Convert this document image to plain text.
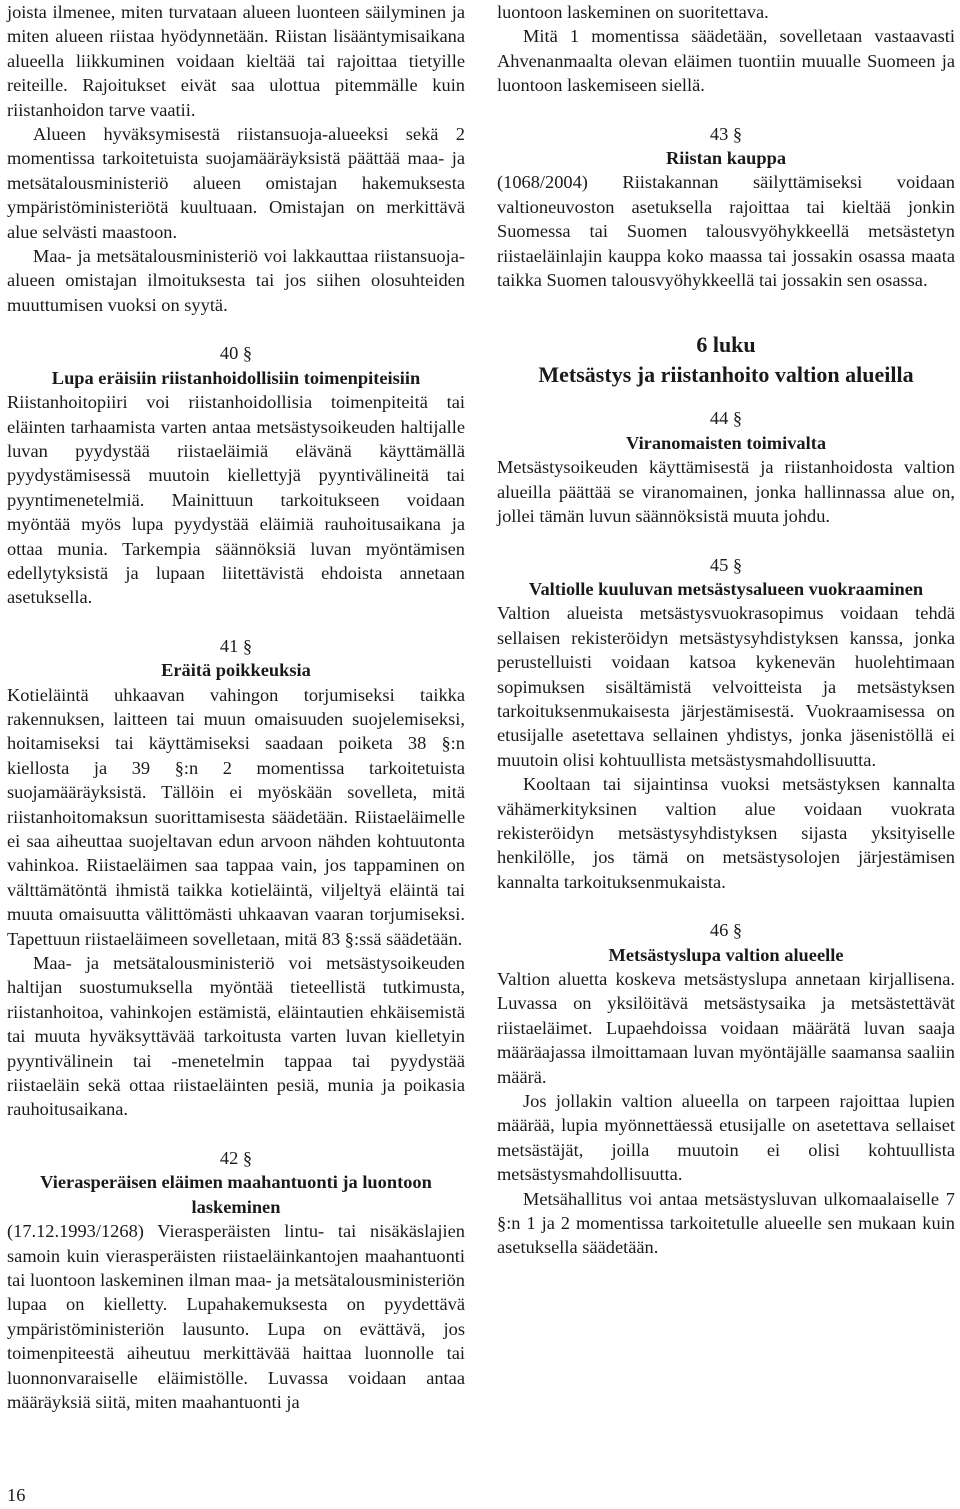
joista ilmenee, miten turvataan alueen luonteen säilyminen ja miten alueen riistaa hyödynnetään. Riistan lisääntymisaikana alueella liikkuminen voidaan kieltää tai rajoittaa tietyille reiteille. Rajoitukset eivät saa ulottua pitemmälle kuin riistanhoidon tarve vaatii.

Alueen hyväksymisestä riistansuoja-alueeksi sekä 2 momentissa tarkoitetuista suojamääräyksistä päättää maa- ja metsätalousministeriö alueen omistajan hakemuksesta ympäristöministeriötä kuultuaan. Omistajan on merkittävä alue selvästi maastoon.

Maa- ja metsätalousministeriö voi lakkauttaa riistansuoja-alueen omistajan ilmoituksesta tai jos siihen olosuhteiden muuttumisen vuoksi on syytä.

40 §
Lupa eräisiin riistanhoidollisiin toimenpiteisiin

Riistanhoitopiiri voi riistanhoidollisia toimenpiteitä tai eläinten tarhaamista varten antaa metsästysoikeuden haltijalle luvan pyydystää riistaeläimiä elävänä käyttämällä pyydystämisessä muutoin kiellettyjä pyyntivälineitä tai pyyntimenetelmiä. Mainittuun tarkoitukseen voidaan myöntää myös lupa pyydystää eläimiä rauhoitusaikana ja ottaa munia. Tarkempia säännöksiä luvan myöntämisen edellytyksistä ja lupaan liitettävistä ehdoista annetaan asetuksella.

41 §
Eräitä poikkeuksia

Kotieläintä uhkaavan vahingon torjumiseksi taikka rakennuksen, laitteen tai muun omaisuuden suojelemiseksi, hoitamiseksi tai käyttämiseksi saadaan poiketa 38 §:n kiellosta ja 39 §:n 2 momentissa tarkoitetuista suojamääräyksistä. Tällöin ei myöskään sovelleta, mitä riistanhoitomaksun suorittamisesta säädetään. Riistaeläimelle ei saa aiheuttaa suojeltavan edun arvoon nähden kohtuutonta vahinkoa. Riistaeläimen saa tappaa vain, jos tappaminen on välttämätöntä ihmistä taikka kotieläintä, viljeltyä eläintä tai muuta omaisuutta välittömästi uhkaavan vaaran torjumiseksi. Tapettuun riistaeläimeen sovelletaan, mitä 83 §:ssä säädetään.

Maa- ja metsätalousministeriö voi metsästysoikeuden haltijan suostumuksella myöntää tieteellistä tutkimusta, riistanhoitoa, vahinkojen estämistä, eläintautien ehkäisemistä tai muuta hyväksyttävää tarkoitusta varten luvan kielletyin pyyntivälinein tai -menetelmin tappaa tai pyydystää riistaeläin sekä ottaa riistaeläinten pesiä, munia ja poikasia rauhoitusaikana.

42 §
Vierasperäisen eläimen maahantuonti ja luontoon laskeminen

(17.12.1993/1268) Vierasperäisten lintu- tai nisäkäslajien samoin kuin vierasperäisten riistaeläinkantojen maahantuonti tai luontoon laskeminen ilman maa- ja metsätalousministeriön lupaa on kielletty. Lupahakemuksesta on pyydettävä ympäristöministeriön lausunto. Lupa on evättävä, jos toimenpiteestä aiheutuu merkittävää haittaa luonnolle tai luonnonvaraiselle eläimistölle. Luvassa voidaan antaa määräyksiä siitä, miten maahantuonti ja

luontoon laskeminen on suoritettava.

Mitä 1 momentissa säädetään, sovelletaan vastaavasti Ahvenanmaalta olevan eläimen tuontiin muualle Suomeen ja luontoon laskemiseen siellä.

43 §
Riistan kauppa

(1068/2004) Riistakannan säilyttämiseksi voidaan valtioneuvoston asetuksella rajoittaa tai kieltää jonkin Suomessa tai Suomen talousvyöhykkeellä metsästetyn riistaeläinlajin kauppa koko maassa tai jossakin osassa maata taikka Suomen talousvyöhykkeellä tai jossakin sen osassa.

6 luku
Metsästys ja riistanhoito valtion alueilla
44 §
Viranomaisten toimivalta

Metsästysoikeuden käyttämisestä ja riistanhoidosta valtion alueilla päättää se viranomainen, jonka hallinnassa alue on, jollei tämän luvun säännöksistä muuta johdu.

45 §
Valtiolle kuuluvan metsästysalueen vuokraaminen

Valtion alueista metsästysvuokrasopimus voidaan tehdä sellaisen rekisteröidyn metsästysyhdistyksen kanssa, jonka perustelluisti voidaan katsoa kykenevän huolehtimaan sopimuksen sisältämistä velvoitteista ja metsästyksen tarkoituksenmukaisesta järjestämisestä. Vuokraamisessa on etusijalle asetettava sellainen yhdistys, jonka jäsenistöllä ei muutoin olisi kohtuullista metsästysmahdollisuutta.

Kooltaan tai sijaintinsa vuoksi metsästyksen kannalta vähämerkityksinen valtion alue voidaan vuokrata rekisteröidyn metsästysyhdistyksen sijasta yksityiselle henkilölle, jos tämä on metsästysolojen järjestämisen kannalta tarkoituksenmukaista.

46 §
Metsästyslupa valtion alueelle

Valtion aluetta koskeva metsästyslupa annetaan kirjallisena. Luvassa on yksilöitävä metsästysaika ja metsästettävät riistaeläimet. Lupaehdoissa voidaan määrätä luvan saaja määräajassa ilmoittamaan luvan myöntäjälle saamansa saaliin määrä.

Jos jollakin valtion alueella on tarpeen rajoittaa lupien määrää, lupia myönnettäessä etusijalle on asetettava sellaiset metsästäjät, joilla muutoin ei olisi kohtuullista metsästysmahdollisuutta.

Metsähallitus voi antaa metsästysluvan ulkomaalaiselle 7 §:n 1 ja 2 momentissa tarkoitetulle alueelle sen mukaan kuin asetuksella säädetään.

16
